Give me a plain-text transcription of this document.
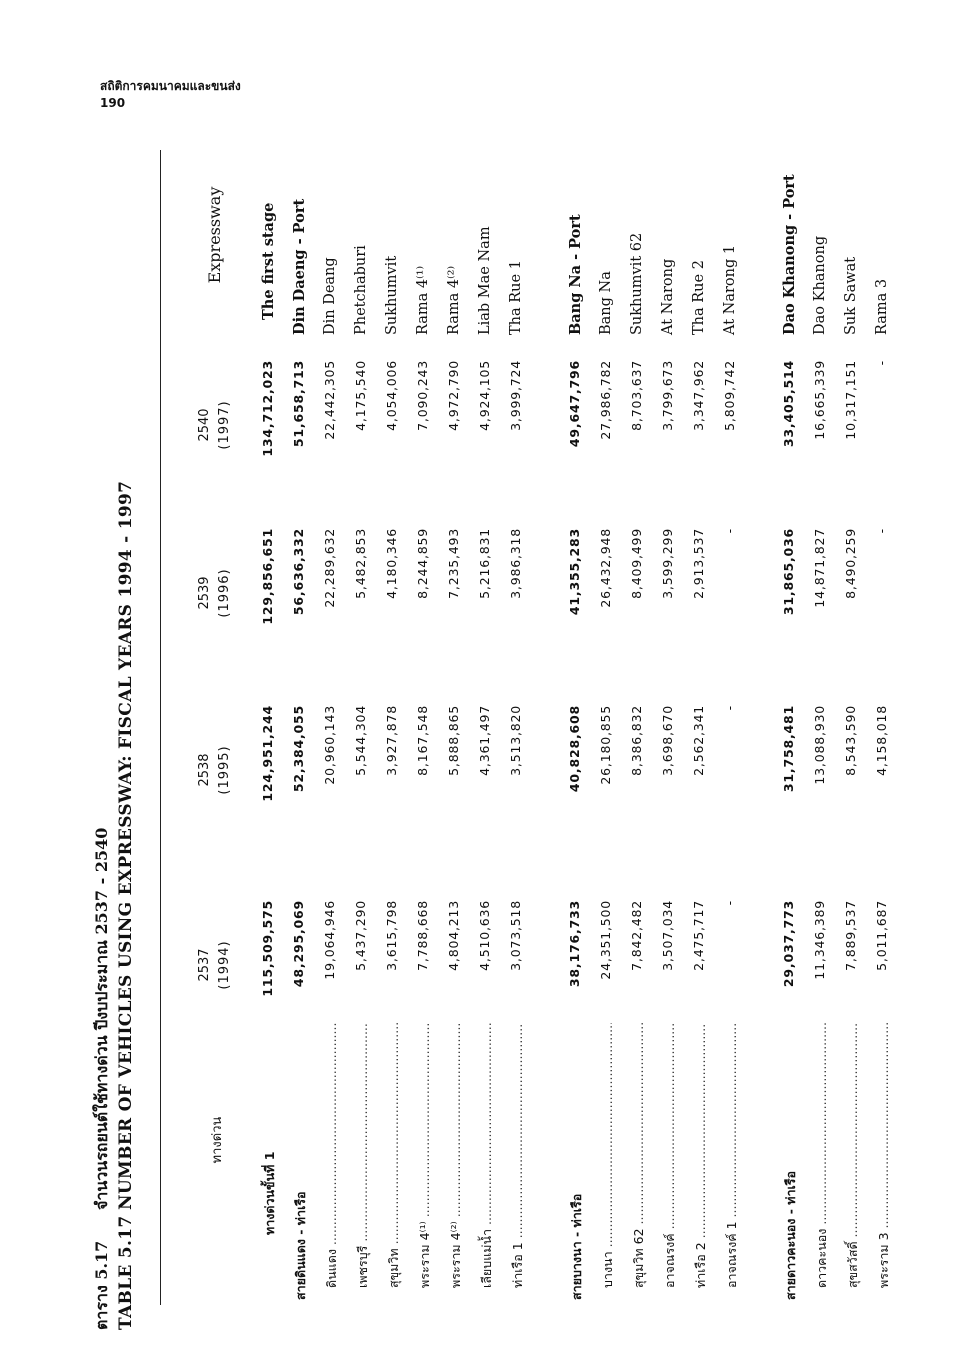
สถิติการคมนาคมและขนส่ง
190
ตาราง 5.17จำนวนรถยนต์ใช้ทางด่วน ปีงบประมาณ 2537 - 2540
TABLE 5.17NUMBER OF VEHICLES USING EXPRESSWAY: FISCAL YEARS 1994 - 1997	ทางด่วน
2537 (1994)
2538 (1995)
2539 (1996)
2540 (1997)
Expressway
ทางด่วนขั้นที่ 1
115,509,575
124,951,244
129,856,651
134,712,023
The first stage
สายดินแดง - ท่าเรือ
48,295,069
52,384,055
56,636,332
51,658,713
Din Daeng - Port
ดินแดง .....
19,064,946
20,960,143
22,289,632
22,442,305
Din Deang
เพชรบุรี .....
5,437,290
5,544,304
5,482,853
4,175,540
Phetchaburi
สุขุมวิท .....
3,615,798
3,927,878
4,180,346
4,054,006
Sukhumvit
พระราม 4⁽¹⁾ .....
7,788,668
8,167,548
8,244,859
7,090,243
Rama 4⁽¹⁾
พระราม 4⁽²⁾ .....
4,804,213
5,888,865
7,235,493
4,972,790
Rama 4⁽²⁾
เลียบแม่น้ำ .....
4,510,636
4,361,497
5,216,831
4,924,105
Liab Mae Nam
ท่าเรือ 1 .....
3,073,518
3,513,820
3,986,318
3,999,724
Tha Rue 1
สายบางนา - ท่าเรือ
38,176,733
40,828,608
41,355,283
49,647,796
Bang Na - Port
บางนา .....
24,351,500
26,180,855
26,432,948
27,986,782
Bang Na
สุขุมวิท 62 .....
7,842,482
8,386,832
8,409,499
8,703,637
Sukhumvit 62
อาจณรงค์ .....
3,507,034
3,698,670
3,599,299
3,799,673
At Narong
ท่าเรือ 2 .....
2,475,717
2,562,341
2,913,537
3,347,962
Tha Rue 2
อาจณรงค์ 1 .....
-
-
-
5,809,742
At Narong 1
สายดาวคะนอง - ท่าเรือ
29,037,773
31,758,481
31,865,036
33,405,514
Dao Khanong - Port
ดาวคะนอง .....
11,346,389
13,088,930
14,871,827
16,665,339
Dao Khanong
สุขสวัสดิ์ .....
7,889,537
8,543,590
8,490,259
10,317,151
Suk Sawat
พระราม 3 .....
5,011,687
4,158,018
-
-
Rama 3
